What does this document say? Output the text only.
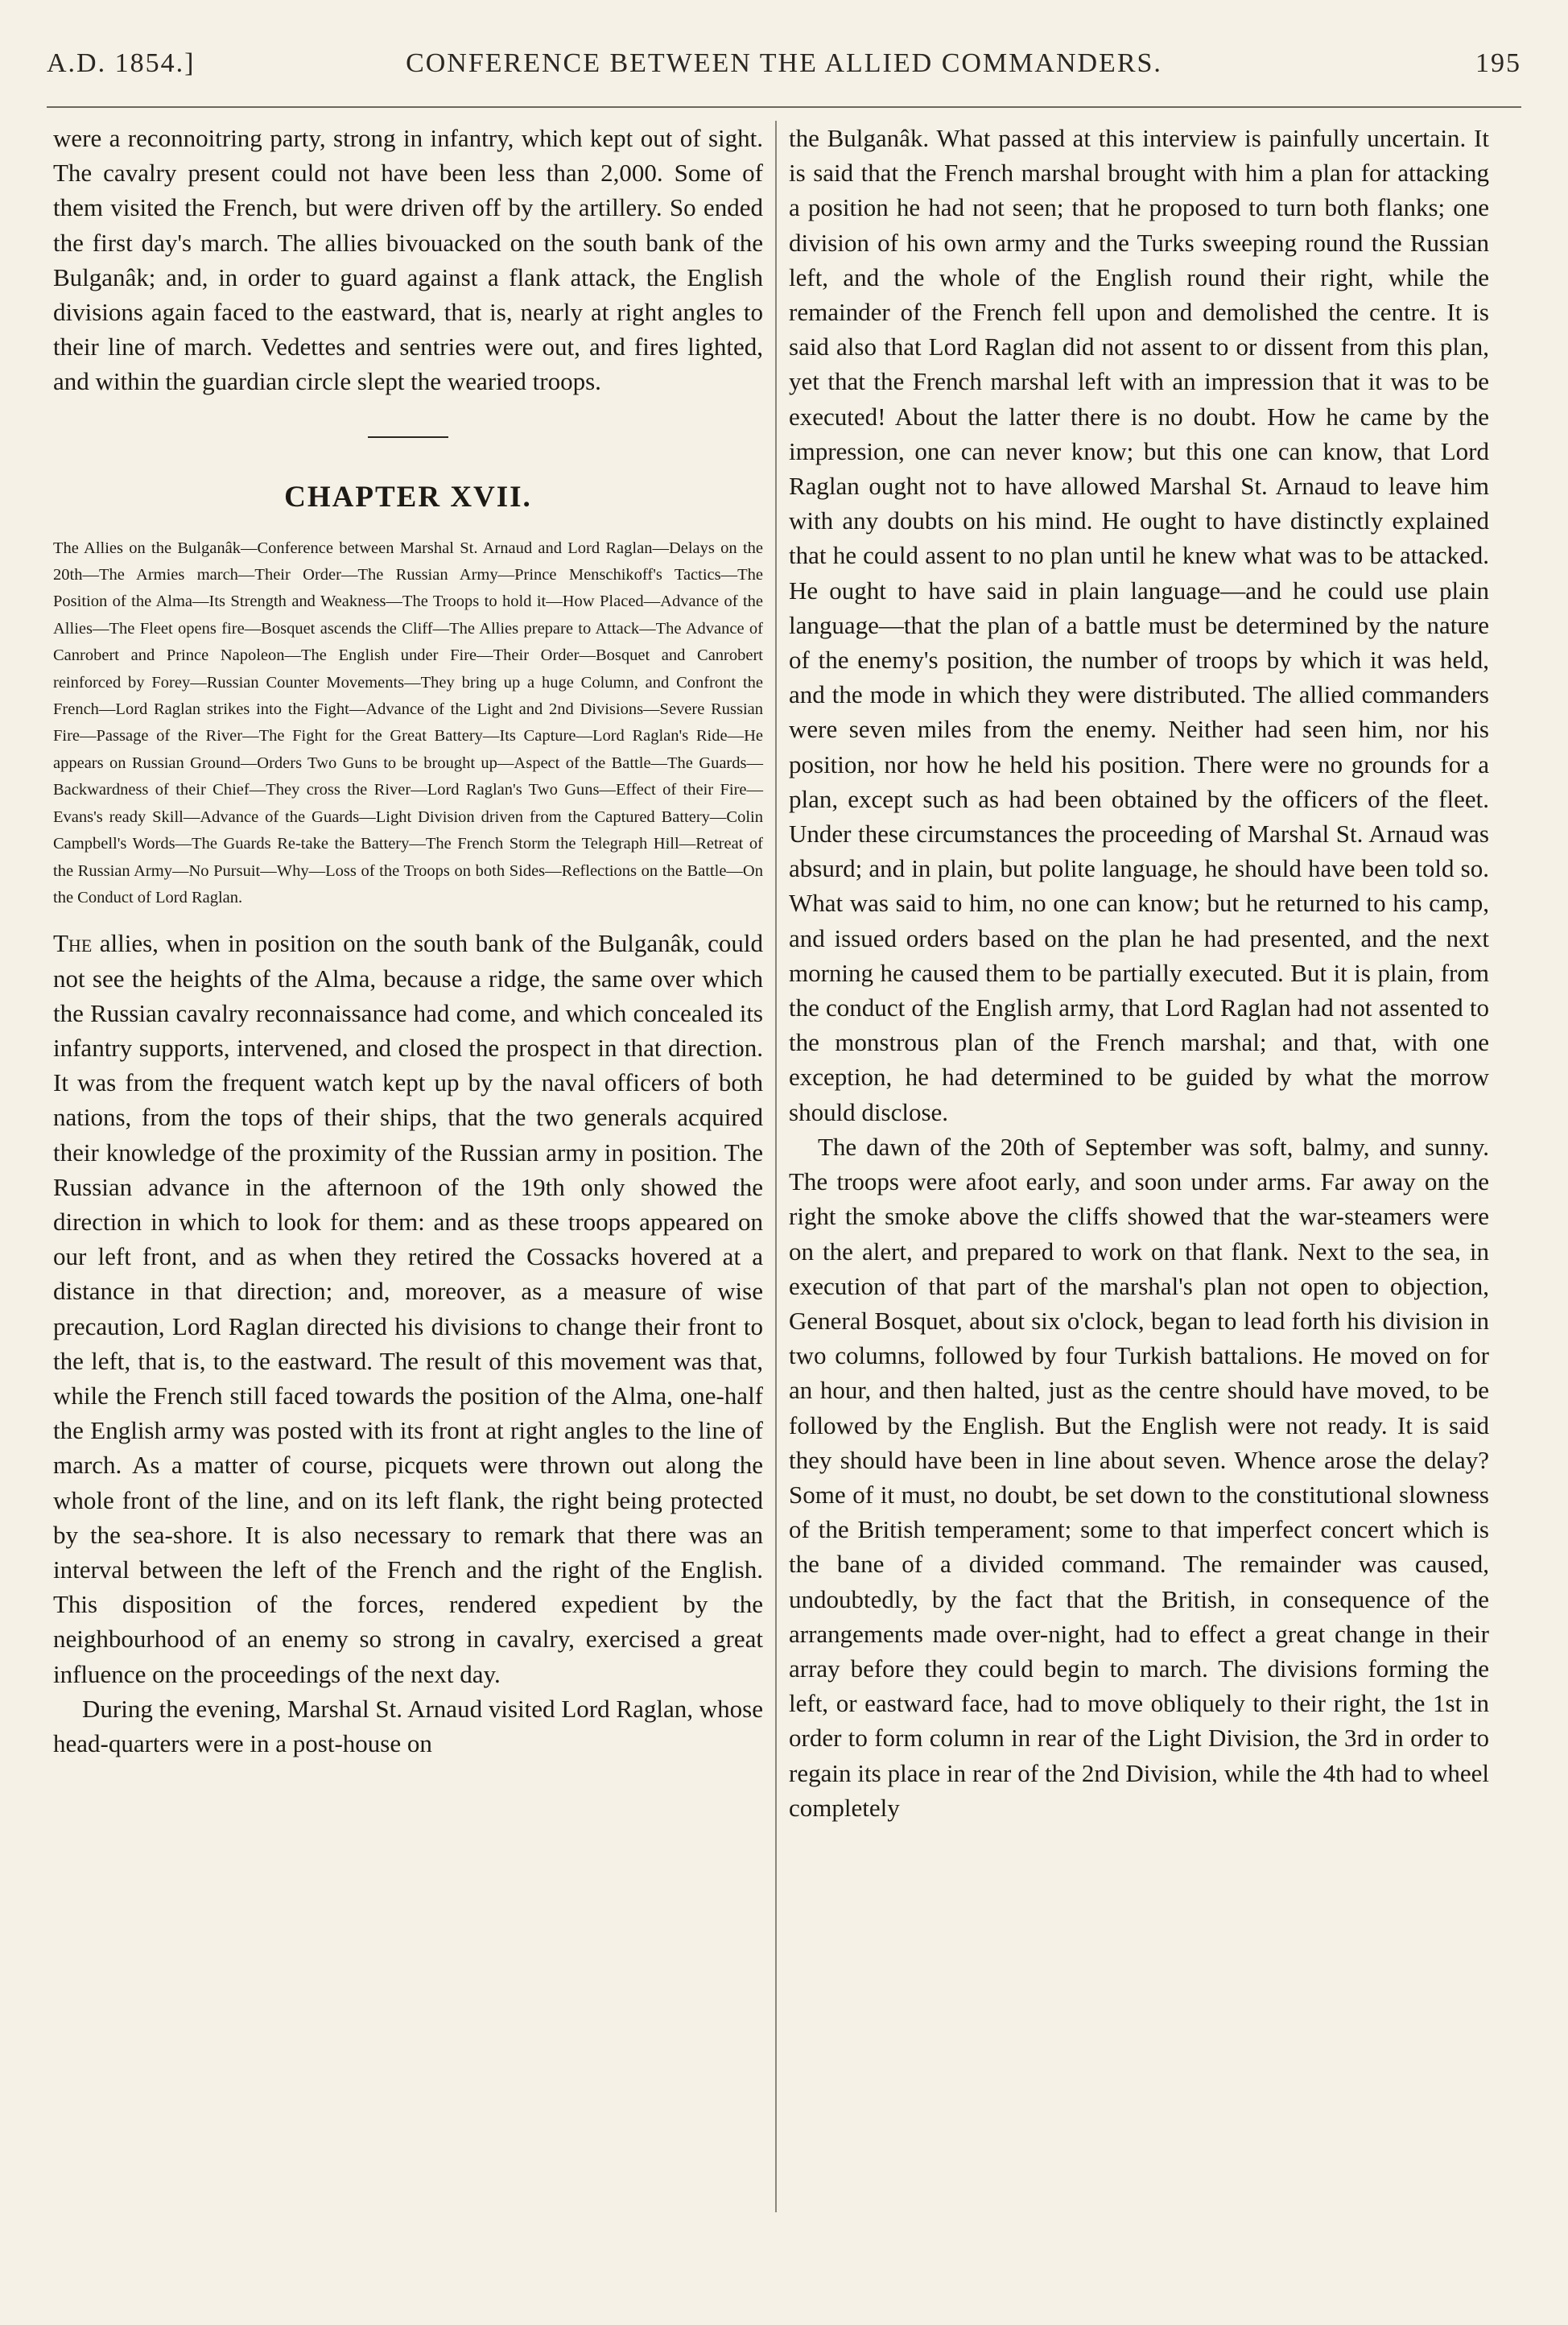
A.D. 1854.]	CONFERENCE BETWEEN THE ALLIED COMMANDERS.	195

were a reconnoitring party, strong in infantry, which kept out of sight. The cavalry present could not have been less than 2,000. Some of them visited the French, but were driven off by the artillery. So ended the first day's march. The allies bivouacked on the south bank of the Bulganâk; and, in order to guard against a flank attack, the English divisions again faced to the eastward, that is, nearly at right angles to their line of march. Vedettes and sentries were out, and fires lighted, and within the guardian circle slept the wearied troops.

CHAPTER XVII.

The Allies on the Bulganâk—Conference between Marshal St. Arnaud and Lord Raglan—Delays on the 20th—The Armies march—Their Order—The Russian Army—Prince Menschikoff's Tactics—The Position of the Alma—Its Strength and Weakness—The Troops to hold it—How Placed—Advance of the Allies—The Fleet opens fire—Bosquet ascends the Cliff—The Allies prepare to Attack—The Advance of Canrobert and Prince Napoleon—The English under Fire—Their Order—Bosquet and Canrobert reinforced by Forey—Russian Counter Movements—They bring up a huge Column, and Confront the French—Lord Raglan strikes into the Fight—Advance of the Light and 2nd Divisions—Severe Russian Fire—Passage of the River—The Fight for the Great Battery—Its Capture—Lord Raglan's Ride—He appears on Russian Ground—Orders Two Guns to be brought up—Aspect of the Battle—The Guards—Backwardness of their Chief—They cross the River—Lord Raglan's Two Guns—Effect of their Fire—Evans's ready Skill—Advance of the Guards—Light Division driven from the Captured Battery—Colin Campbell's Words—The Guards Re-take the Battery—The French Storm the Telegraph Hill—Retreat of the Russian Army—No Pursuit—Why—Loss of the Troops on both Sides—Reflections on the Battle—On the Conduct of Lord Raglan.

The allies, when in position on the south bank of the Bulganâk, could not see the heights of the Alma, because a ridge, the same over which the Russian cavalry reconnaissance had come, and which concealed its infantry supports, intervened, and closed the prospect in that direction. It was from the frequent watch kept up by the naval officers of both nations, from the tops of their ships, that the two generals acquired their knowledge of the proximity of the Russian army in position. The Russian advance in the afternoon of the 19th only showed the direction in which to look for them: and as these troops appeared on our left front, and as when they retired the Cossacks hovered at a distance in that direction; and, moreover, as a measure of wise precaution, Lord Raglan directed his divisions to change their front to the left, that is, to the eastward. The result of this movement was that, while the French still faced towards the position of the Alma, one-half the English army was posted with its front at right angles to the line of march. As a matter of course, picquets were thrown out along the whole front of the line, and on its left flank, the right being protected by the sea-shore. It is also necessary to remark that there was an interval between the left of the French and the right of the English. This disposition of the forces, rendered expedient by the neighbourhood of an enemy so strong in cavalry, exercised a great influence on the proceedings of the next day.

During the evening, Marshal St. Arnaud visited Lord Raglan, whose head-quarters were in a post-house on

the Bulganâk. What passed at this interview is painfully uncertain. It is said that the French marshal brought with him a plan for attacking a position he had not seen; that he proposed to turn both flanks; one division of his own army and the Turks sweeping round the Russian left, and the whole of the English round their right, while the remainder of the French fell upon and demolished the centre. It is said also that Lord Raglan did not assent to or dissent from this plan, yet that the French marshal left with an impression that it was to be executed! About the latter there is no doubt. How he came by the impression, one can never know; but this one can know, that Lord Raglan ought not to have allowed Marshal St. Arnaud to leave him with any doubts on his mind. He ought to have distinctly explained that he could assent to no plan until he knew what was to be attacked. He ought to have said in plain language—and he could use plain language—that the plan of a battle must be determined by the nature of the enemy's position, the number of troops by which it was held, and the mode in which they were distributed. The allied commanders were seven miles from the enemy. Neither had seen him, nor his position, nor how he held his position. There were no grounds for a plan, except such as had been obtained by the officers of the fleet. Under these circumstances the proceeding of Marshal St. Arnaud was absurd; and in plain, but polite language, he should have been told so. What was said to him, no one can know; but he returned to his camp, and issued orders based on the plan he had presented, and the next morning he caused them to be partially executed. But it is plain, from the conduct of the English army, that Lord Raglan had not assented to the monstrous plan of the French marshal; and that, with one exception, he had determined to be guided by what the morrow should disclose.

The dawn of the 20th of September was soft, balmy, and sunny. The troops were afoot early, and soon under arms. Far away on the right the smoke above the cliffs showed that the war-steamers were on the alert, and prepared to work on that flank. Next to the sea, in execution of that part of the marshal's plan not open to objection, General Bosquet, about six o'clock, began to lead forth his division in two columns, followed by four Turkish battalions. He moved on for an hour, and then halted, just as the centre should have moved, to be followed by the English. But the English were not ready. It is said they should have been in line about seven. Whence arose the delay? Some of it must, no doubt, be set down to the constitutional slowness of the British temperament; some to that imperfect concert which is the bane of a divided command. The remainder was caused, undoubtedly, by the fact that the British, in consequence of the arrangements made over-night, had to effect a great change in their array before they could begin to march. The divisions forming the left, or eastward face, had to move obliquely to their right, the 1st in order to form column in rear of the Light Division, the 3rd in order to regain its place in rear of the 2nd Division, while the 4th had to wheel completely
